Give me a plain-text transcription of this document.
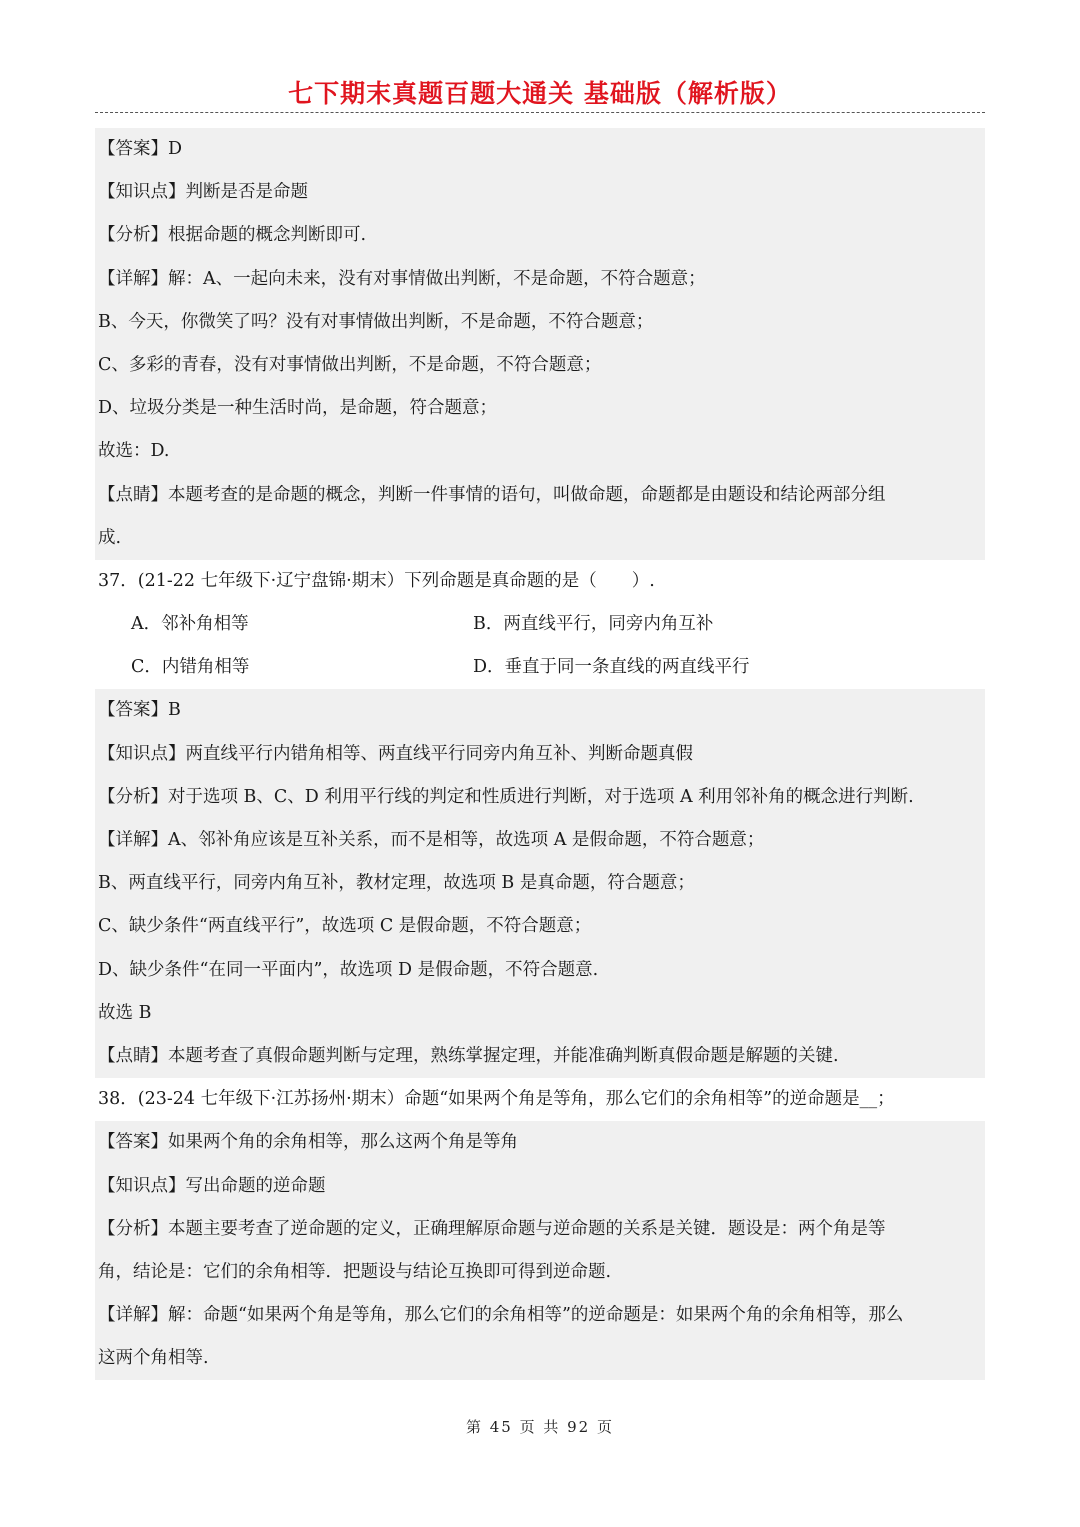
七下期末真题百题大通关 基础版（解析版）
【答案】D
【知识点】判断是否是命题
【分析】根据命题的概念判断即可.
【详解】解：A、一起向未来，没有对事情做出判断，不是命题，不符合题意；
B、今天，你微笑了吗？没有对事情做出判断，不是命题，不符合题意；
C、多彩的青春，没有对事情做出判断，不是命题，不符合题意；
D、垃圾分类是一种生活时尚，是命题，符合题意；
故选：D.
【点睛】本题考查的是命题的概念，判断一件事情的语句，叫做命题，命题都是由题设和结论两部分组
成.
37．(21-22 七年级下·辽宁盘锦·期末）下列命题是真命题的是（　　）.
A．邻补角相等	B．两直线平行，同旁内角互补
C．内错角相等	D．垂直于同一条直线的两直线平行
【答案】B
【知识点】两直线平行内错角相等、两直线平行同旁内角互补、判断命题真假
【分析】对于选项 B、C、D 利用平行线的判定和性质进行判断，对于选项 A 利用邻补角的概念进行判断.
【详解】A、邻补角应该是互补关系，而不是相等，故选项 A 是假命题，不符合题意；
B、两直线平行，同旁内角互补，教材定理，故选项 B 是真命题，符合题意；
C、缺少条件“两直线平行”，故选项 C 是假命题，不符合题意；
D、缺少条件“在同一平面内”，故选项 D 是假命题，不符合题意.
故选 B
【点睛】本题考查了真假命题判断与定理，熟练掌握定理，并能准确判断真假命题是解题的关键.
38．(23-24 七年级下·江苏扬州·期末）命题“如果两个角是等角，那么它们的余角相等”的逆命题是__；
【答案】如果两个角的余角相等，那么这两个角是等角
【知识点】写出命题的逆命题
【分析】本题主要考查了逆命题的定义，正确理解原命题与逆命题的关系是关键．题设是：两个角是等
角，结论是：它们的余角相等．把题设与结论互换即可得到逆命题.
【详解】解：命题“如果两个角是等角，那么它们的余角相等”的逆命题是：如果两个角的余角相等，那么
这两个角相等.
第 45 页 共 92 页
